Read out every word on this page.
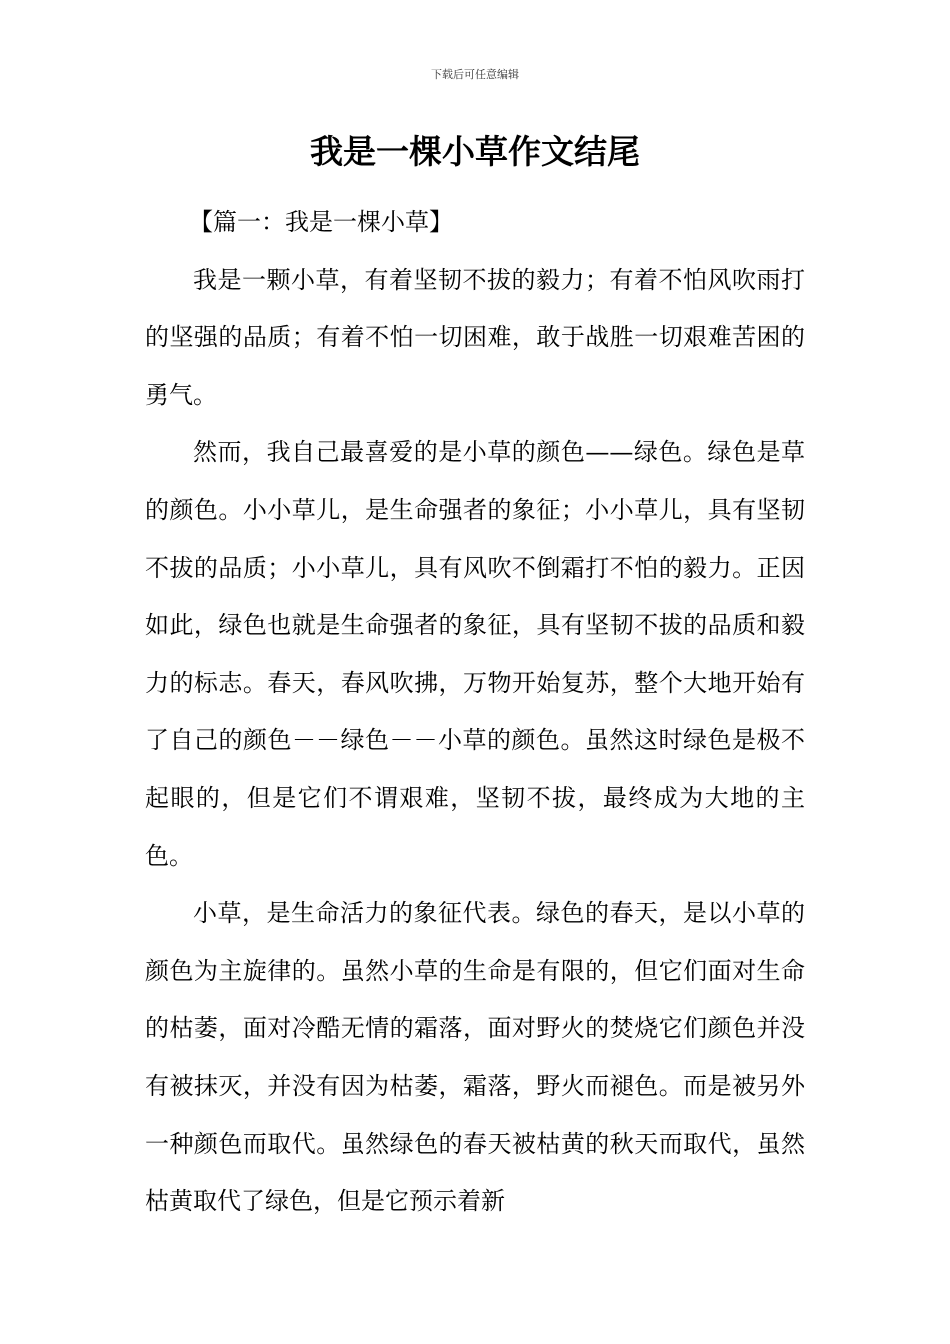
下载后可任意编辑
我是一棵小草作文结尾

【篇一：我是一棵小草】

我是一颗小草，有着坚韧不拔的毅力；有着不怕风吹雨打的坚强的品质；有着不怕一切困难，敢于战胜一切艰难苦困的勇气。

然而，我自己最喜爱的是小草的颜色——绿色。绿色是草的颜色。小小草儿，是生命强者的象征；小小草儿，具有坚韧不拔的品质；小小草儿，具有风吹不倒霜打不怕的毅力。正因如此，绿色也就是生命强者的象征，具有坚韧不拔的品质和毅力的标志。春天，春风吹拂，万物开始复苏，整个大地开始有了自己的颜色－－绿色－－小草的颜色。虽然这时绿色是极不起眼的，但是它们不谓艰难，坚韧不拔，最终成为大地的主色。

小草，是生命活力的象征代表。绿色的春天，是以小草的颜色为主旋律的。虽然小草的生命是有限的，但它们面对生命的枯萎，面对冷酷无情的霜落，面对野火的焚烧它们颜色并没有被抹灭，并没有因为枯萎，霜落，野火而褪色。而是被另外一种颜色而取代。虽然绿色的春天被枯黄的秋天而取代，虽然枯黄取代了绿色，但是它预示着新
